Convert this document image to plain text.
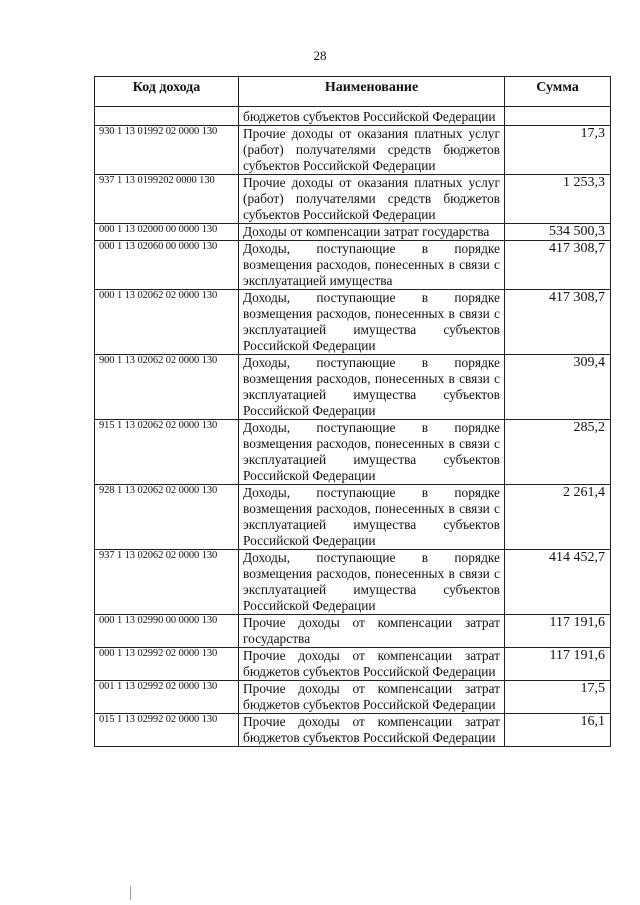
28
Код дохода	Наименование	Сумма
	бюджетов субъектов Российской Федерации	
930 1 13 01992 02 0000 130	Прочие доходы от оказания платных услуг (работ) получателями средств бюджетов субъектов Российской Федерации	17,3
937 1 13 0199202 0000 130	Прочие доходы от оказания платных услуг (работ) получателями средств бюджетов субъектов Российской Федерации	1 253,3
000 1 13 02000 00 0000 130	Доходы от компенсации затрат государства	534 500,3
000 1 13 02060 00 0000 130	Доходы, поступающие в порядке возмещения расходов, понесенных в связи с эксплуатацией имущества	417 308,7
000 1 13 02062 02 0000 130	Доходы, поступающие в порядке возмещения расходов, понесенных в связи с эксплуатацией имущества субъектов Российской Федерации	417 308,7
900 1 13 02062 02 0000 130	Доходы, поступающие в порядке возмещения расходов, понесенных в связи с эксплуатацией имущества субъектов Российской Федерации	309,4
915 1 13 02062 02 0000 130	Доходы, поступающие в порядке возмещения расходов, понесенных в связи с эксплуатацией имущества субъектов Российской Федерации	285,2
928 1 13 02062 02 0000 130	Доходы, поступающие в порядке возмещения расходов, понесенных в связи с эксплуатацией имущества субъектов Российской Федерации	2 261,4
937 1 13 02062 02 0000 130	Доходы, поступающие в порядке возмещения расходов, понесенных в связи с эксплуатацией имущества субъектов Российской Федерации	414 452,7
000 1 13 02990 00 0000 130	Прочие доходы от компенсации затрат государства	117 191,6
000 1 13 02992 02 0000 130	Прочие доходы от компенсации затрат бюджетов субъектов Российской Федерации	117 191,6
001 1 13 02992 02 0000 130	Прочие доходы от компенсации затрат бюджетов субъектов Российской Федерации	17,5
015 1 13 02992 02 0000 130	Прочие доходы от компенсации затрат бюджетов субъектов Российской Федерации	16,1
